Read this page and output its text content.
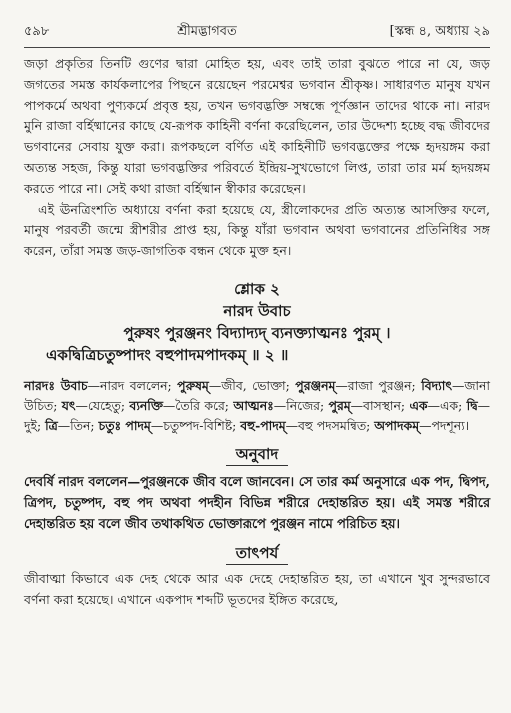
৫৯৮	শ্রীমদ্ভাগবত	[স্কন্ধ ৪, অধ্যায় ২৯

জড়া প্রকৃতির তিনটি গুণের দ্বারা মোহিত হয়, এবং তাই তারা বুঝতে পারে না যে, জড় জগতের সমস্ত কার্যকলাপের পিছনে রয়েছেন পরমেশ্বর ভগবান শ্রীকৃষ্ণ। সাধারণত মানুষ যখন পাপকর্মে অথবা পুণ্যকর্মে প্রবৃত্ত হয়, তখন ভগবদ্ভক্তি সম্বন্ধে পূর্ণজ্ঞান তাদের থাকে না। নারদ মুনি রাজা বর্হিষ্মানের কাছে যে-রূপক কাহিনী বর্ণনা করেছিলেন, তার উদ্দেশ্য হচ্ছে বদ্ধ জীবদের ভগবানের সেবায় যুক্ত করা। রূপকছলে বর্ণিত এই কাহিনীটি ভগবদ্ভক্তের পক্ষে হৃদয়ঙ্গম করা অত্যন্ত সহজ, কিন্তু যারা ভগবদ্ভক্তির পরিবর্তে ইন্দ্রিয়-সুখভোগে লিপ্ত, তারা তার মর্ম হৃদয়ঙ্গম করতে পারে না। সেই কথা রাজা বর্হিষ্মান স্বীকার করেছেন।

এই ঊনত্রিংশতি অধ্যায়ে বর্ণনা করা হয়েছে যে, স্ত্রীলোকদের প্রতি অত্যন্ত আসক্তির ফলে, মানুষ পরবর্তী জন্মে স্ত্রীশরীর প্রাপ্ত হয়, কিন্তু যাঁরা ভগবান অথবা ভগবানের প্রতিনিধির সঙ্গ করেন, তাঁরা সমস্ত জড়-জাগতিক বন্ধন থেকে মুক্ত হন।

শ্লোক ২
নারদ উবাচ
পুরুষং পুরঞ্জনং বিদ্যাদ্যদ্ ব্যনক্ত্যাত্মনঃ পুরম্ ।
একদ্বিত্রিচতুষ্পাদং বহুপাদমপাদকম্ ॥ ২ ॥
নারদঃ উবাচ—নারদ বললেন; পুরুষম্—জীব, ভোক্তা; পুরঞ্জনম্—রাজা পুরঞ্জন; বিদ্যাৎ—জানা উচিত; যৎ—যেহেতু; ব্যনক্তি—তৈরি করে; আত্মনঃ—নিজের; পুরম্—বাসস্থান; এক—এক; দ্বি—দুই; ত্রি—তিন; চতুঃ পাদম্—চতুষ্পদ-বিশিষ্ট; বহু-পাদম্—বহু পদসমন্বিত; অপাদকম্—পদশূন্য।
অনুবাদ
দেবর্ষি নারদ বললেন—পুরঞ্জনকে জীব বলে জানবেন। সে তার কর্ম অনুসারে এক পদ, দ্বিপদ, ত্রিপদ, চতুষ্পদ, বহু পদ অথবা পদহীন বিভিন্ন শরীরে দেহান্তরিত হয়। এই সমস্ত শরীরে দেহান্তরিত হয় বলে জীব তথাকথিত ভোক্তারূপে পুরঞ্জন নামে পরিচিত হয়।
তাৎপর্য
জীবাত্মা কিভাবে এক দেহ থেকে আর এক দেহে দেহান্তরিত হয়, তা এখানে খুব সুন্দরভাবে বর্ণনা করা হয়েছে। এখানে একপাদ শব্দটি ভূতদের ইঙ্গিত করেছে,
